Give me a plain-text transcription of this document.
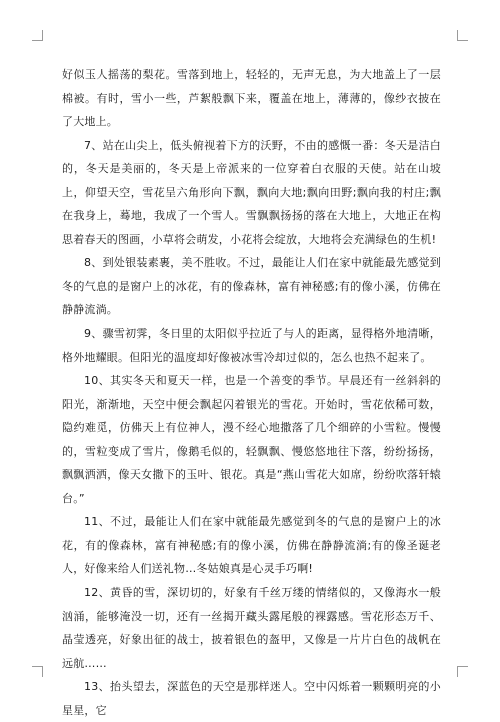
好似玉人摇荡的梨花。雪落到地上，轻轻的，无声无息，为大地盖上了一层棉被。有时，雪小一些，芦絮般飘下来，覆盖在地上，薄薄的，像纱衣披在了大地上。

7、站在山尖上，低头俯视着下方的沃野，不由的感慨一番：冬天是洁白的，冬天是美丽的，冬天是上帝派来的一位穿着白衣服的天使。站在山坡上，仰望天空，雪花呈六角形向下飘，飘向大地;飘向田野;飘向我的村庄;飘在我身上，蓦地，我成了一个雪人。雪飘飘扬扬的落在大地上，大地正在构思着春天的图画，小草将会萌发，小花将会绽放，大地将会充满绿色的生机!

8、到处银装素裹，美不胜收。不过，最能让人们在家中就能最先感觉到冬的气息的是窗户上的冰花，有的像森林，富有神秘感;有的像小溪，仿佛在静静流淌。

9、骤雪初霁，冬日里的太阳似乎拉近了与人的距离，显得格外地清晰，格外地耀眼。但阳光的温度却好像被冰雪冷却过似的，怎么也热不起来了。

10、其实冬天和夏天一样，也是一个善变的季节。早晨还有一丝斜斜的阳光，渐渐地，天空中便会飘起闪着银光的雪花。开始时，雪花依稀可数，隐约难觅，仿佛天上有位神人，漫不经心地撒落了几个细碎的小雪粒。慢慢的，雪粒变成了雪片，像鹅毛似的，轻飘飘、慢悠悠地往下落，纷纷扬扬，飘飘洒洒，像天女撒下的玉叶、银花。真是“燕山雪花大如席，纷纷吹落轩辕台。”

11、不过，最能让人们在家中就能最先感觉到冬的气息的是窗户上的冰花，有的像森林，富有神秘感;有的像小溪，仿佛在静静流淌;有的像圣诞老人，好像来给人们送礼物…冬姑娘真是心灵手巧啊!

12、黄昏的雪，深切切的，好象有千丝万缕的情绪似的，又像海水一般汹涌，能够淹没一切，还有一丝揭开藏头露尾般的裸露感。雪花形态万千、晶莹透亮，好象出征的战士，披着银色的盔甲，又像是一片片白色的战帆在远航……

13、抬头望去，深蓝色的天空是那样迷人。空中闪烁着一颗颗明亮的小星星，它
